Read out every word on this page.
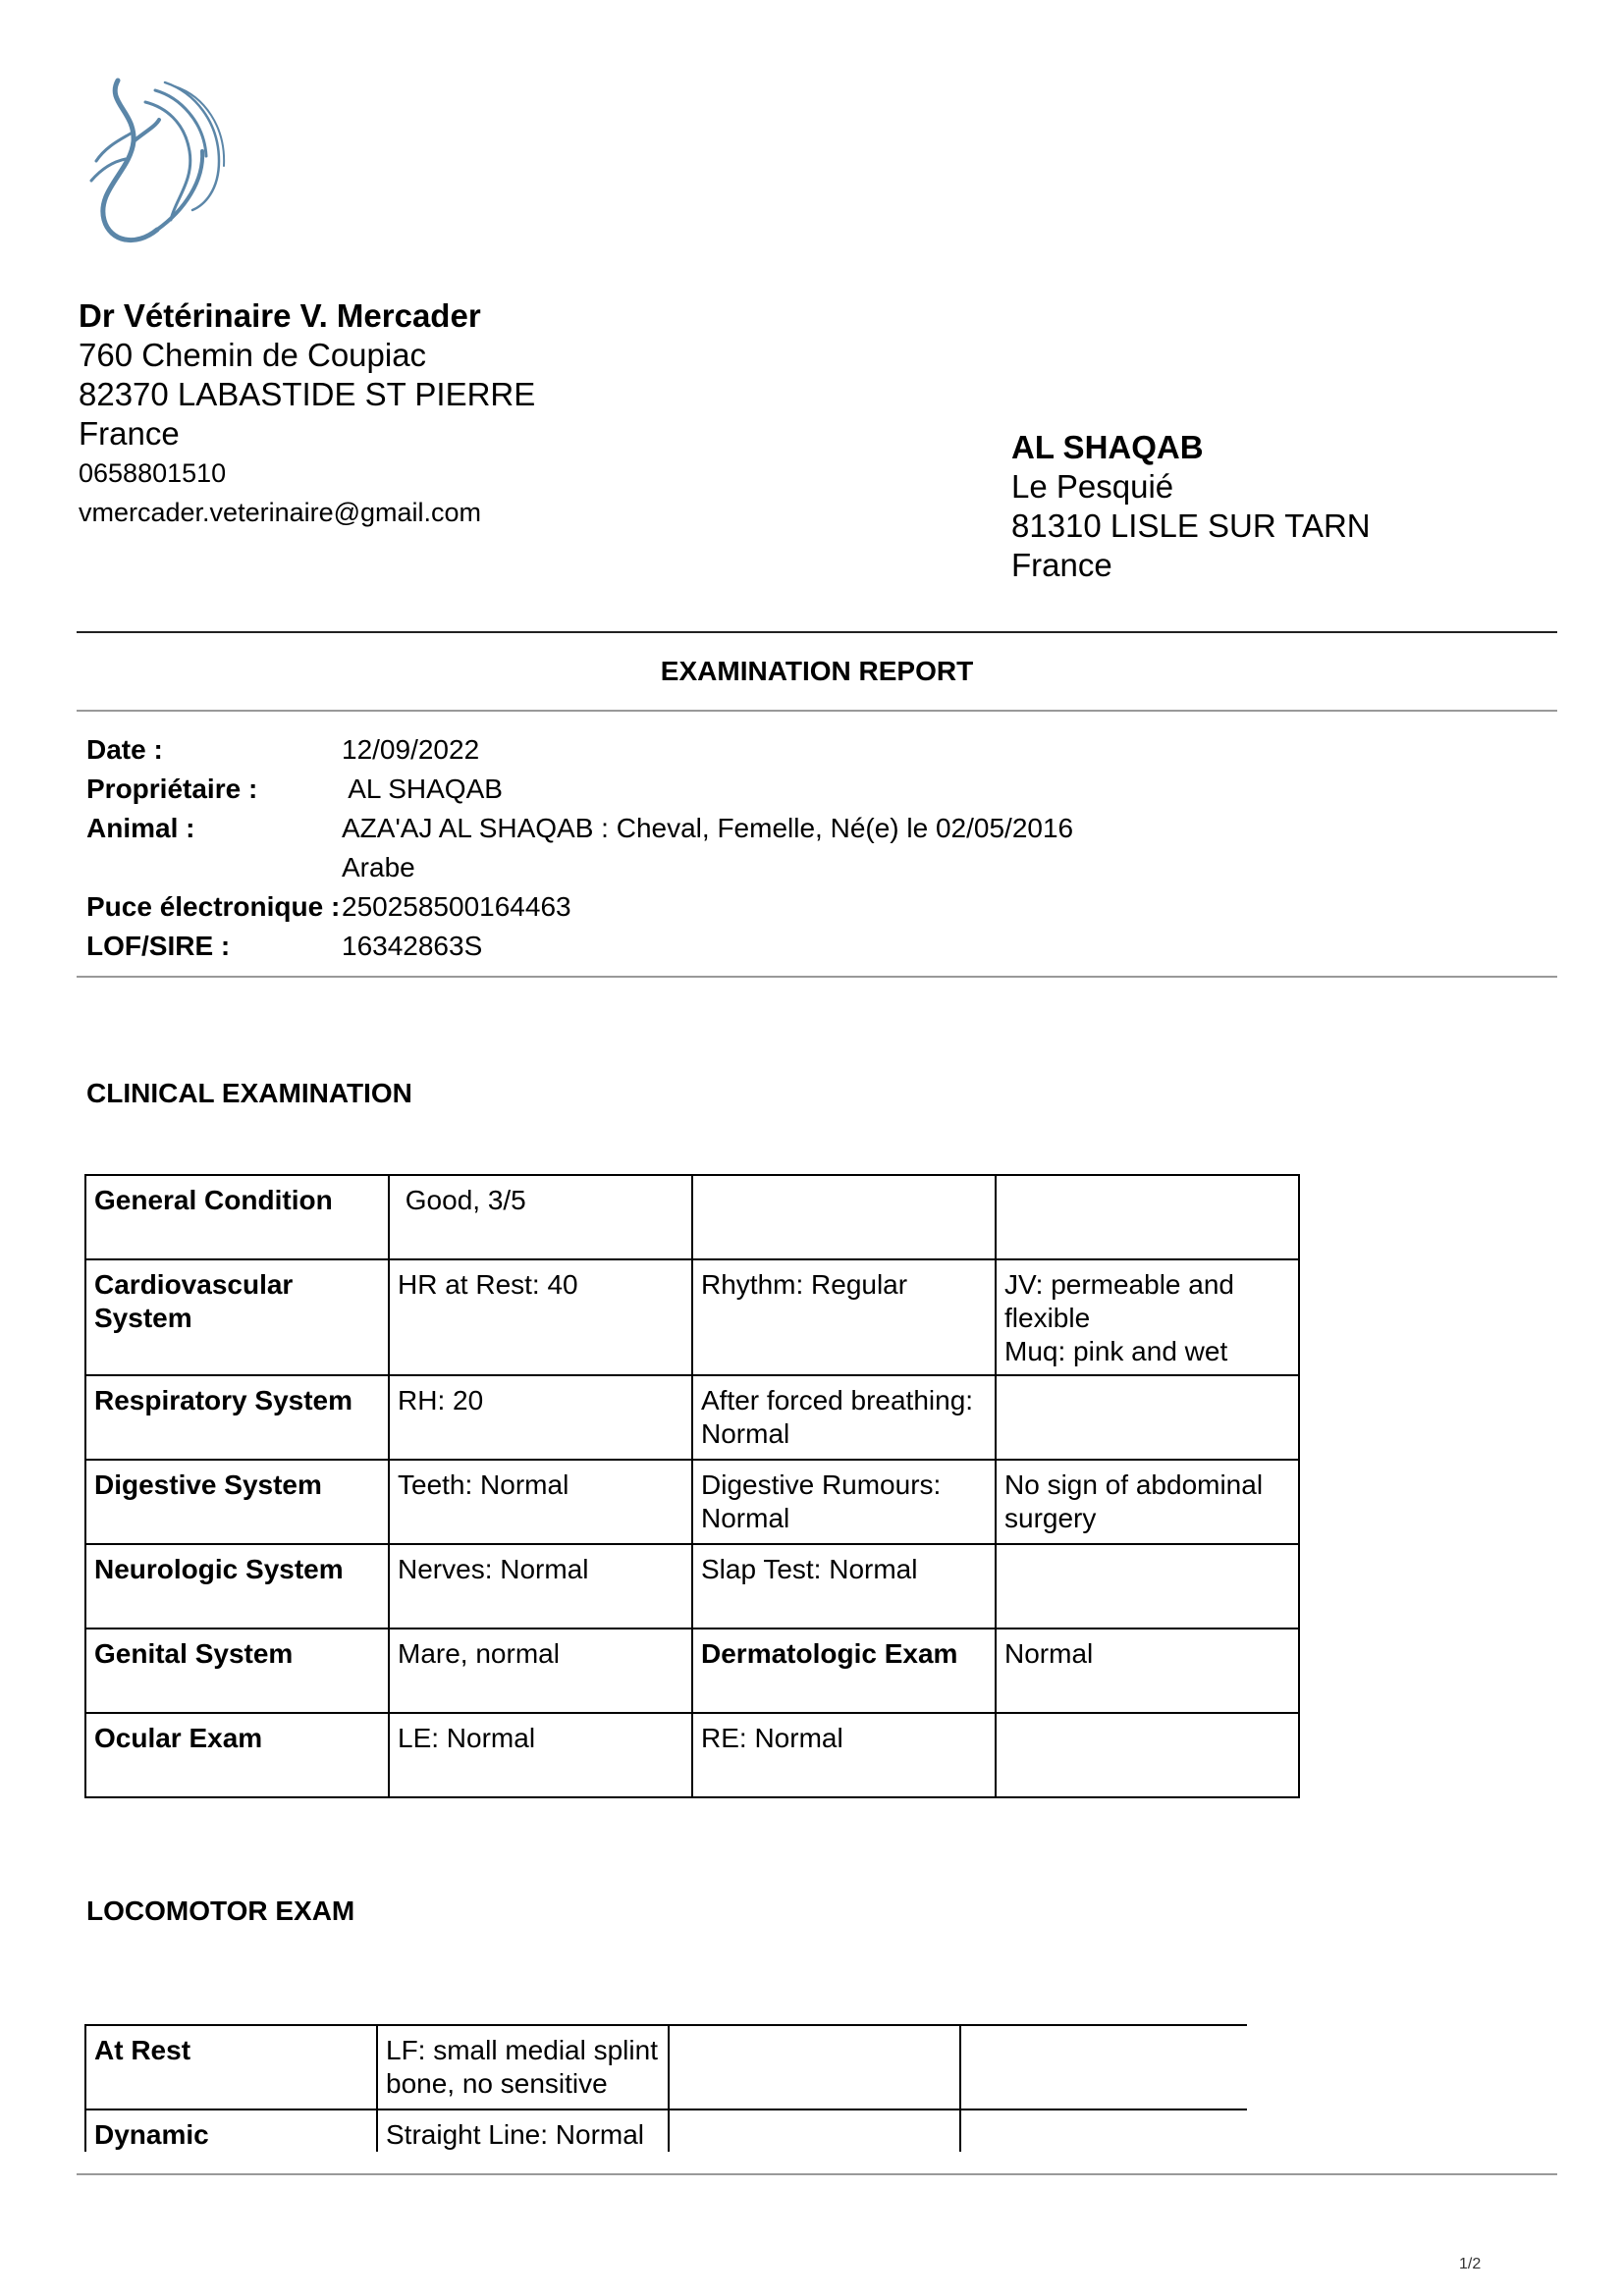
Dr Vétérinaire V. Mercader
760 Chemin de Coupiac
82370 LABASTIDE ST PIERRE
France
0658801510
vmercader.veterinaire@gmail.com
AL SHAQAB
Le Pesquié
81310 LISLE SUR TARN
France
EXAMINATION REPORT
Date :	12/09/2022
Propriétaire :	AL SHAQAB
Animal :	AZA'AJ AL SHAQAB : Cheval, Femelle, Né(e) le 02/05/2016
Arabe
Puce électronique : 250258500164463
LOF/SIRE :	16342863S
CLINICAL EXAMINATION
General Condition	Good, 3/5		
Cardiovascular System	HR at Rest: 40	Rhythm: Regular	JV: permeable and flexible
Muq: pink and wet
Respiratory System	RH: 20	After forced breathing: Normal	
Digestive System	Teeth: Normal	Digestive Rumours: Normal	No sign of abdominal surgery
Neurologic System	Nerves: Normal	Slap Test: Normal	
Genital System	Mare, normal	Dermatologic Exam	Normal
Ocular Exam	LE: Normal	RE: Normal	
LOCOMOTOR EXAM
At Rest	LF: small medial splint bone, no sensitive		
Dynamic	Straight Line: Normal		
1/2
